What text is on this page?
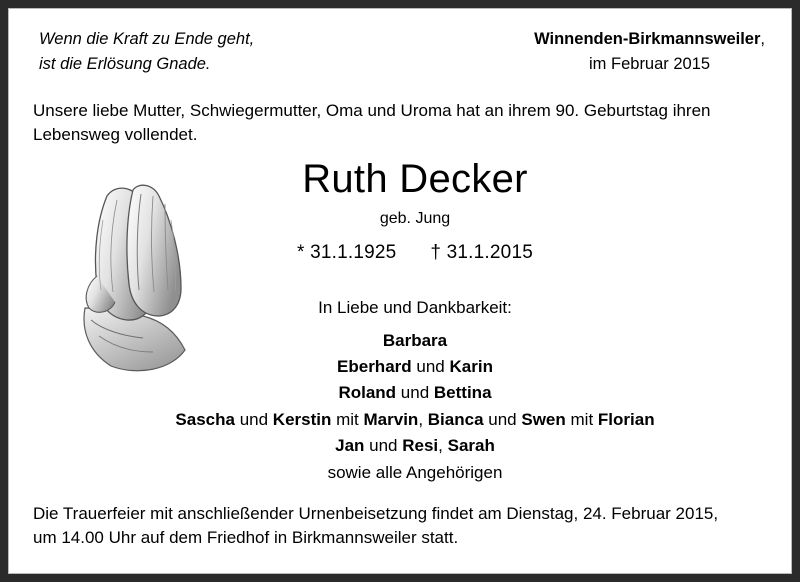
Wenn die Kraft zu Ende geht,
ist die Erlösung Gnade.
Winnenden-Birkmannsweiler,
im Februar 2015
Unsere liebe Mutter, Schwiegermutter, Oma und Uroma hat an ihrem 90. Geburtstag ihren Lebensweg vollendet.
Ruth Decker
geb. Jung
* 31.1.1925 † 31.1.2015
In Liebe und Dankbarkeit:
Barbara
Eberhard und Karin
Roland und Bettina
Sascha und Kerstin mit Marvin, Bianca und Swen mit Florian
Jan und Resi, Sarah
sowie alle Angehörigen
Die Trauerfeier mit anschließender Urnenbeisetzung findet am Dienstag, 24. Februar 2015,
um 14.00 Uhr auf dem Friedhof in Birkmannsweiler statt.
